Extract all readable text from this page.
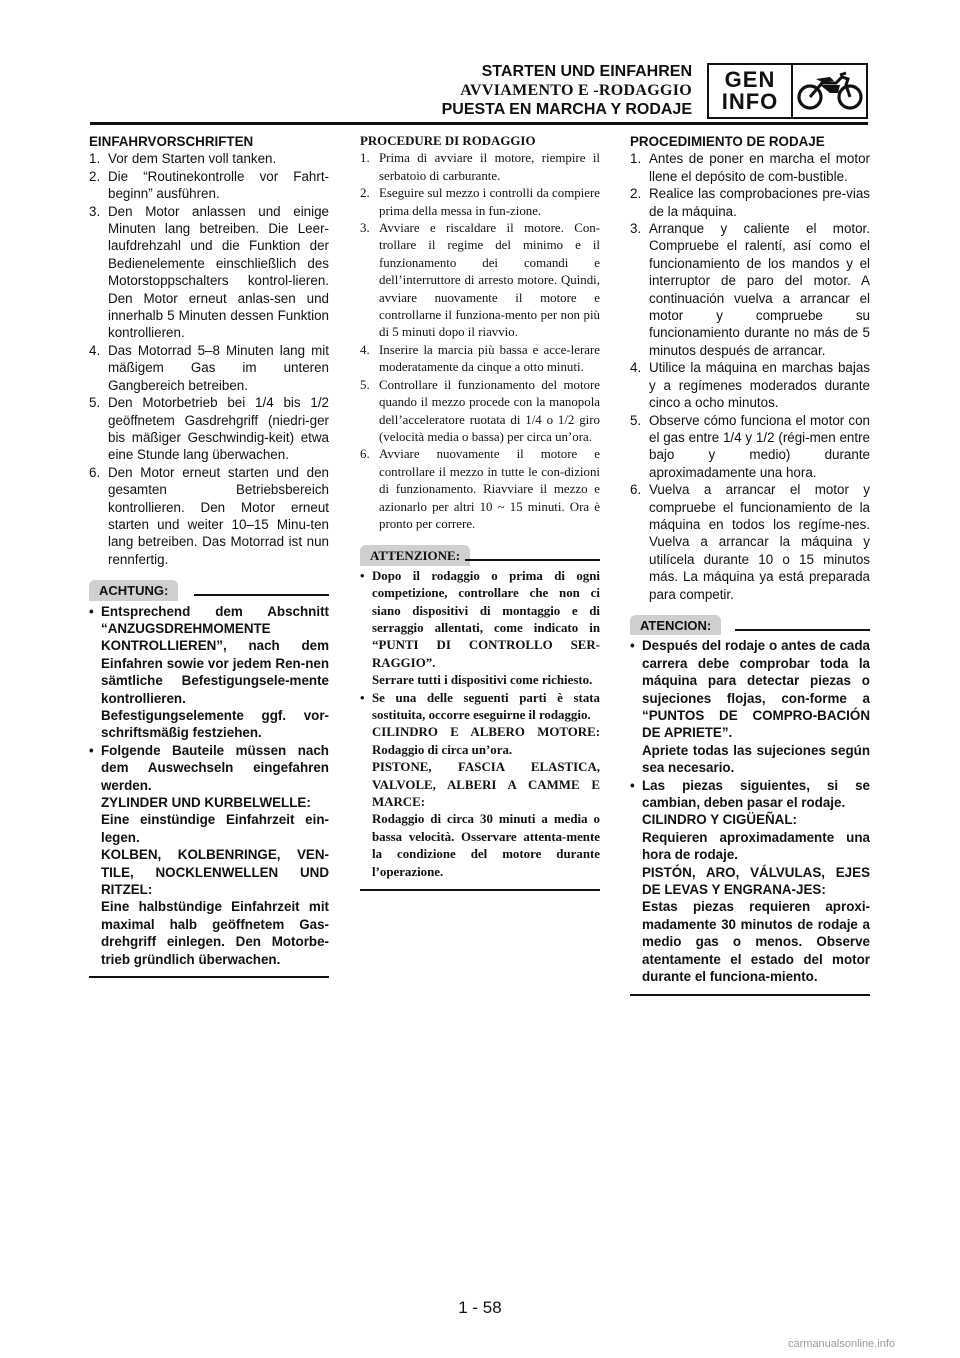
STARTEN UND EINFAHREN
AVVIAMENTO E -RODAGGIO
PUESTA EN MARCHA Y RODAJE
GEN
INFO

EINFAHRVORSCHRIFTEN

1. Vor dem Starten voll tanken.
2. Die “Routinekontrolle vor Fahrt-beginn” ausführen.
3. Den Motor anlassen und einige Minuten lang betreiben. Die Leer-laufdrehzahl und die Funktion der Bedienelemente einschließlich des Motorstoppschalters kontrol-lieren. Den Motor erneut anlas-sen und innerhalb 5 Minuten dessen Funktion kontrollieren.
4. Das Motorrad 5–8 Minuten lang mit mäßigem Gas im unteren Gangbereich betreiben.
5. Den Motorbetrieb bei 1/4 bis 1/2 geöffnetem Gasdrehgriff (niedri-ger bis mäßiger Geschwindig-keit) etwa eine Stunde lang überwachen.
6. Den Motor erneut starten und den gesamten Betriebsbereich kontrollieren. Den Motor erneut starten und weiter 10–15 Minu-ten lang betreiben. Das Motorrad ist nun rennfertig.
ACHTUNG:
• Entsprechend dem Abschnitt “ANZUGSDREHMOMENTE KONTROLLIEREN”, nach dem Einfahren sowie vor jedem Ren-nen sämtliche Befestigungsele-mente kontrollieren.
Befestigungselemente ggf. vor-schriftsmäßig festziehen.
• Folgende Bauteile müssen nach dem Auswechseln eingefahren werden.
ZYLINDER UND KURBELWELLE:
Eine einstündige Einfahrzeit ein-legen.
KOLBEN, KOLBENRINGE, VEN-TILE, NOCKLENWELLEN UND RITZEL:
Eine halbstündige Einfahrzeit mit maximal halb geöffnetem Gas-drehgriff einlegen. Den Motorbe-trieb gründlich überwachen.

PROCEDURE DI RODAGGIO

1. Prima di avviare il motore, riempire il serbatoio di carburante.
2. Eseguire sul mezzo i controlli da compiere prima della messa in fun-zione.
3. Avviare e riscaldare il motore. Con-trollare il regime del minimo e il funzionamento dei comandi e dell’interruttore di arresto motore. Quindi, avviare nuovamente il motore e controllarne il funziona-mento per non più di 5 minuti dopo il riavvio.
4. Inserire la marcia più bassa e acce-lerare moderatamente da cinque a otto minuti.
5. Controllare il funzionamento del motore quando il mezzo procede con la manopola dell’acceleratore ruotata di 1/4 o 1/2 giro (velocità media o bassa) per circa un’ora.
6. Avviare nuovamente il motore e controllare il mezzo in tutte le con-dizioni di funzionamento. Riavviare il mezzo e azionarlo per altri 10 ~ 15 minuti. Ora è pronto per correre.
ATTENZIONE:
• Dopo il rodaggio o prima di ogni competizione, controllare che non ci siano dispositivi di montaggio e di serraggio allentati, come indicato in “PUNTI DI CONTROLLO SER-RAGGIO”.
Serrare tutti i dispositivi come richiesto.
• Se una delle seguenti parti è stata sostituita, occorre eseguirne il rodaggio.
CILINDRO E ALBERO MOTORE: Rodaggio di circa un’ora.
PISTONE, FASCIA ELASTICA, VALVOLE, ALBERI A CAMME E MARCE:
Rodaggio di circa 30 minuti a media o bassa velocità. Osservare attenta-mente la condizione del motore durante l’operazione.

PROCEDIMIENTO DE RODAJE

1. Antes de poner en marcha el motor llene el depósito de com-bustible.
2. Realice las comprobaciones pre-vias de la máquina.
3. Arranque y caliente el motor. Compruebe el ralentí, así como el funcionamiento de los mandos y el interruptor de paro del motor. A continuación vuelva a arrancar el motor y compruebe su funcionamiento durante no más de 5 minutos después de arrancar.
4. Utilice la máquina en marchas bajas y a regímenes moderados durante cinco a ocho minutos.
5. Observe cómo funciona el motor con el gas entre 1/4 y 1/2 (régi-men entre bajo y medio) durante aproximadamente una hora.
6. Vuelva a arrancar el motor y compruebe el funcionamiento de la máquina en todos los regíme-nes. Vuelva a arrancar la máquina y utilícela durante 10 o 15 minutos más. La máquina ya está preparada para competir.
ATENCION:
• Después del rodaje o antes de cada carrera debe comprobar toda la máquina para detectar piezas o sujeciones flojas, con-forme a “PUNTOS DE COMPRO-BACIÓN DE APRIETE”.
Apriete todas las sujeciones según sea necesario.
• Las piezas siguientes, si se cambian, deben pasar el rodaje.
CILINDRO Y CIGÜEÑAL:
Requieren aproximadamente una hora de rodaje.
PISTÓN, ARO, VÁLVULAS, EJES DE LEVAS Y ENGRANA-JES:
Estas piezas requieren aproxi-madamente 30 minutos de rodaje a medio gas o menos. Observe atentamente el estado del motor durante el funciona-miento.
1 - 58
carmanualsonline.info
